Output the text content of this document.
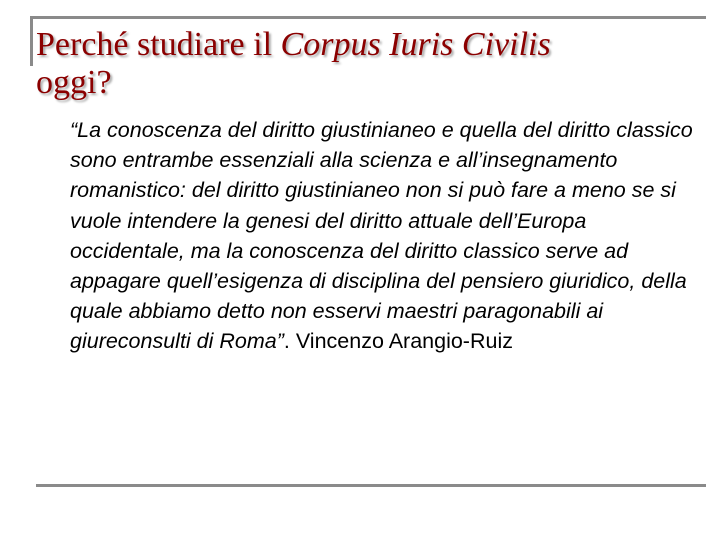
Perché studiare il Corpus Iuris Civilis
oggi?

“La conoscenza del diritto giustinianeo e quella del diritto classico sono entrambe essenziali alla scienza e all’insegnamento romanistico: del diritto giustinianeo non si può fare a meno se si vuole intendere la genesi del diritto attuale dell’Europa occidentale, ma la conoscenza del diritto classico serve ad appagare quell’esigenza di disciplina del pensiero giuridico, della quale abbiamo detto non esservi maestri paragonabili ai giureconsulti di Roma”. Vincenzo Arangio-Ruiz
